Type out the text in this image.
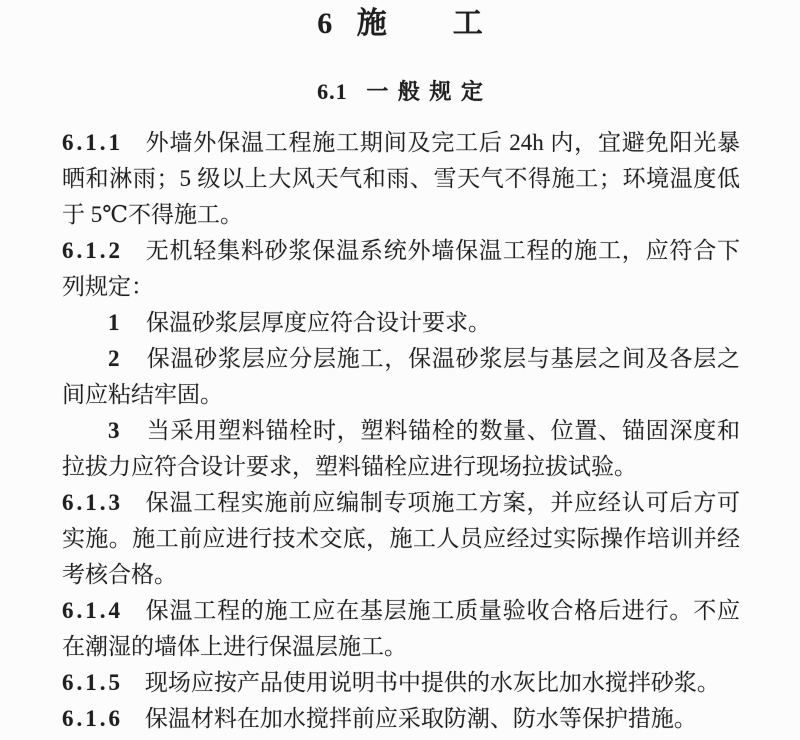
6 施　　工
6.1 一 般 规 定

6.1.1 外墙外保温工程施工期间及完工后 24h 内，宜避免阳光暴晒和淋雨；5 级以上大风天气和雨、雪天气不得施工；环境温度低于 5℃不得施工。

6.1.2 无机轻集料砂浆保温系统外墙保温工程的施工，应符合下列规定：

1 保温砂浆层厚度应符合设计要求。

2 保温砂浆层应分层施工，保温砂浆层与基层之间及各层之间应粘结牢固。

3 当采用塑料锚栓时，塑料锚栓的数量、位置、锚固深度和拉拔力应符合设计要求，塑料锚栓应进行现场拉拔试验。

6.1.3 保温工程实施前应编制专项施工方案，并应经认可后方可实施。施工前应进行技术交底，施工人员应经过实际操作培训并经考核合格。

6.1.4 保温工程的施工应在基层施工质量验收合格后进行。不应在潮湿的墙体上进行保温层施工。

6.1.5 现场应按产品使用说明书中提供的水灰比加水搅拌砂浆。

6.1.6 保温材料在加水搅拌前应采取防潮、防水等保护措施。
